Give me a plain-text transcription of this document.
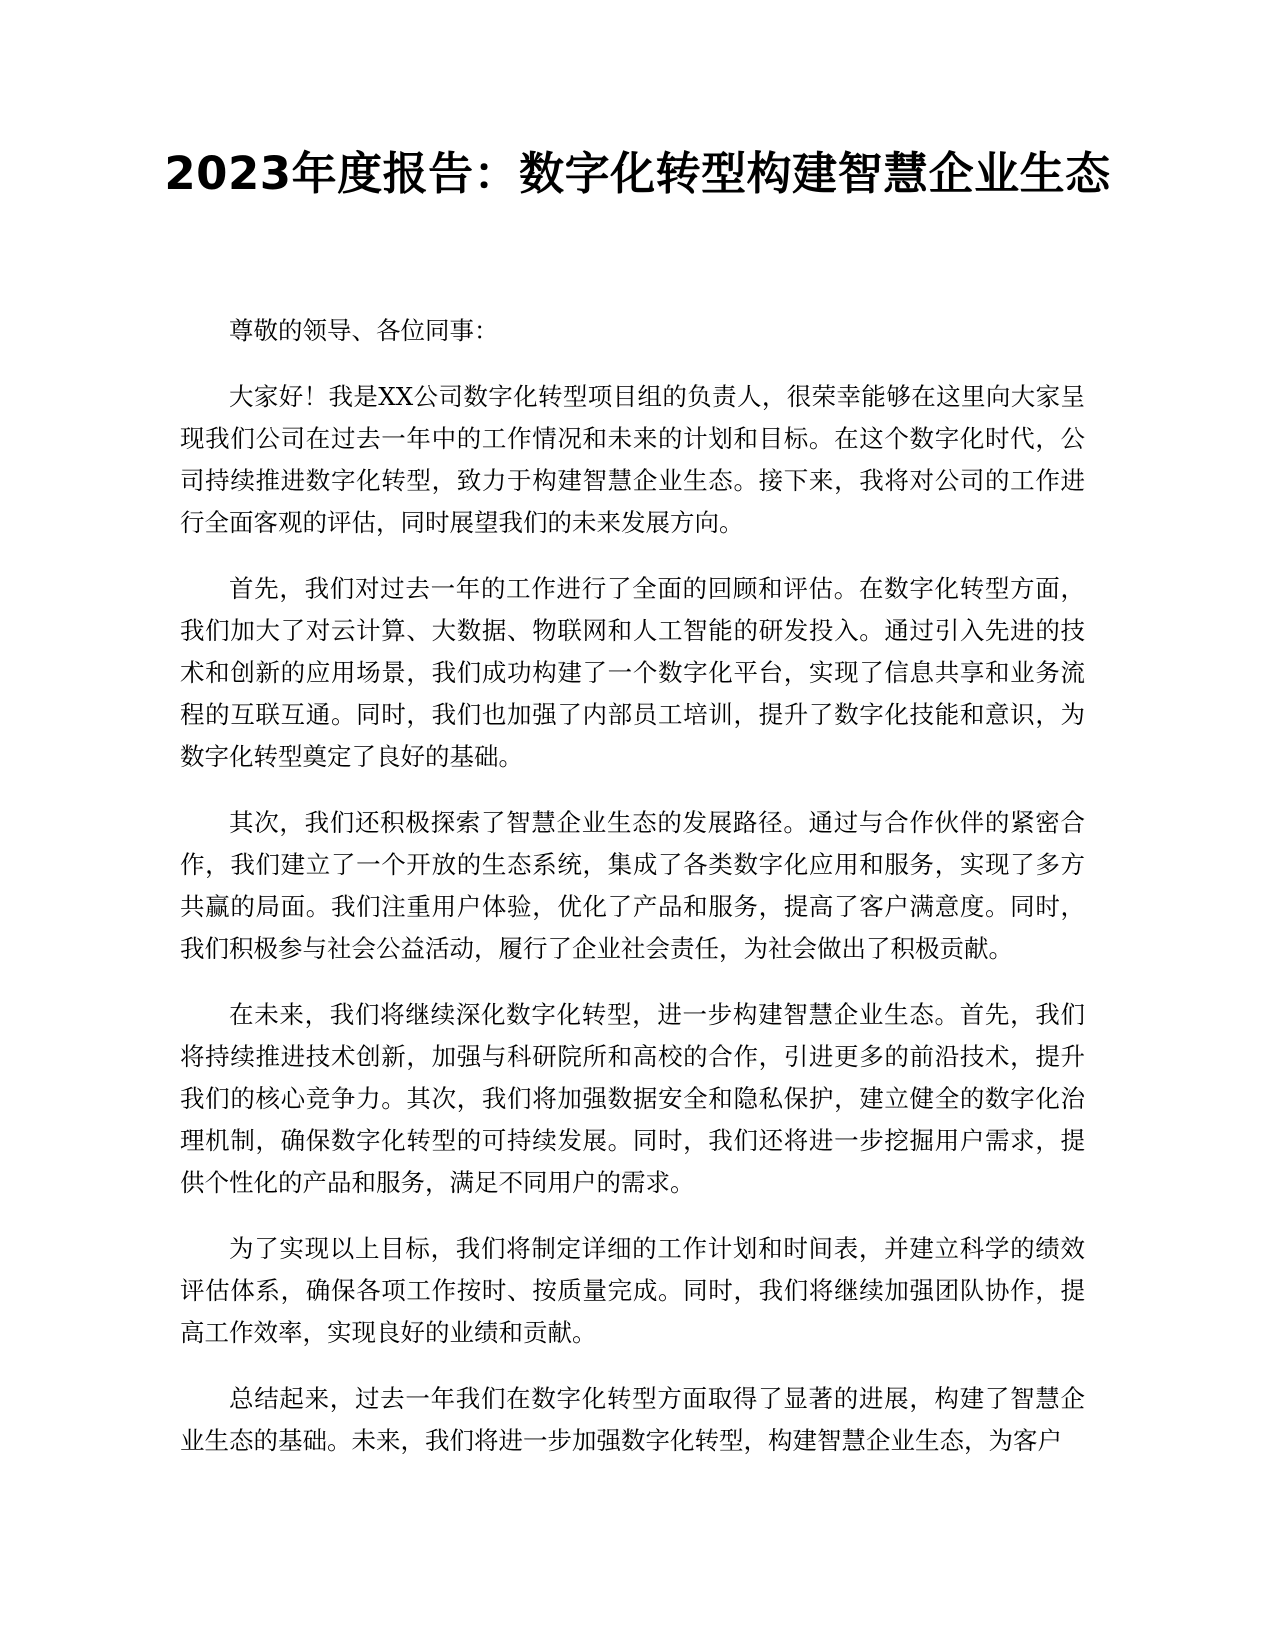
2023年度报告：数字化转型构建智慧企业生态

尊敬的领导、各位同事：

大家好！我是XX公司数字化转型项目组的负责人，很荣幸能够在这里向大家呈现我们公司在过去一年中的工作情况和未来的计划和目标。在这个数字化时代，公司持续推进数字化转型，致力于构建智慧企业生态。接下来，我将对公司的工作进行全面客观的评估，同时展望我们的未来发展方向。

首先，我们对过去一年的工作进行了全面的回顾和评估。在数字化转型方面，我们加大了对云计算、大数据、物联网和人工智能的研发投入。通过引入先进的技术和创新的应用场景，我们成功构建了一个数字化平台，实现了信息共享和业务流程的互联互通。同时，我们也加强了内部员工培训，提升了数字化技能和意识，为数字化转型奠定了良好的基础。

其次，我们还积极探索了智慧企业生态的发展路径。通过与合作伙伴的紧密合作，我们建立了一个开放的生态系统，集成了各类数字化应用和服务，实现了多方共赢的局面。我们注重用户体验，优化了产品和服务，提高了客户满意度。同时，我们积极参与社会公益活动，履行了企业社会责任，为社会做出了积极贡献。

在未来，我们将继续深化数字化转型，进一步构建智慧企业生态。首先，我们将持续推进技术创新，加强与科研院所和高校的合作，引进更多的前沿技术，提升我们的核心竞争力。其次，我们将加强数据安全和隐私保护，建立健全的数字化治理机制，确保数字化转型的可持续发展。同时，我们还将进一步挖掘用户需求，提供个性化的产品和服务，满足不同用户的需求。

为了实现以上目标，我们将制定详细的工作计划和时间表，并建立科学的绩效评估体系，确保各项工作按时、按质量完成。同时，我们将继续加强团队协作，提高工作效率，实现良好的业绩和贡献。

总结起来，过去一年我们在数字化转型方面取得了显著的进展，构建了智慧企业生态的基础。未来，我们将进一步加强数字化转型，构建智慧企业生态，为客户
